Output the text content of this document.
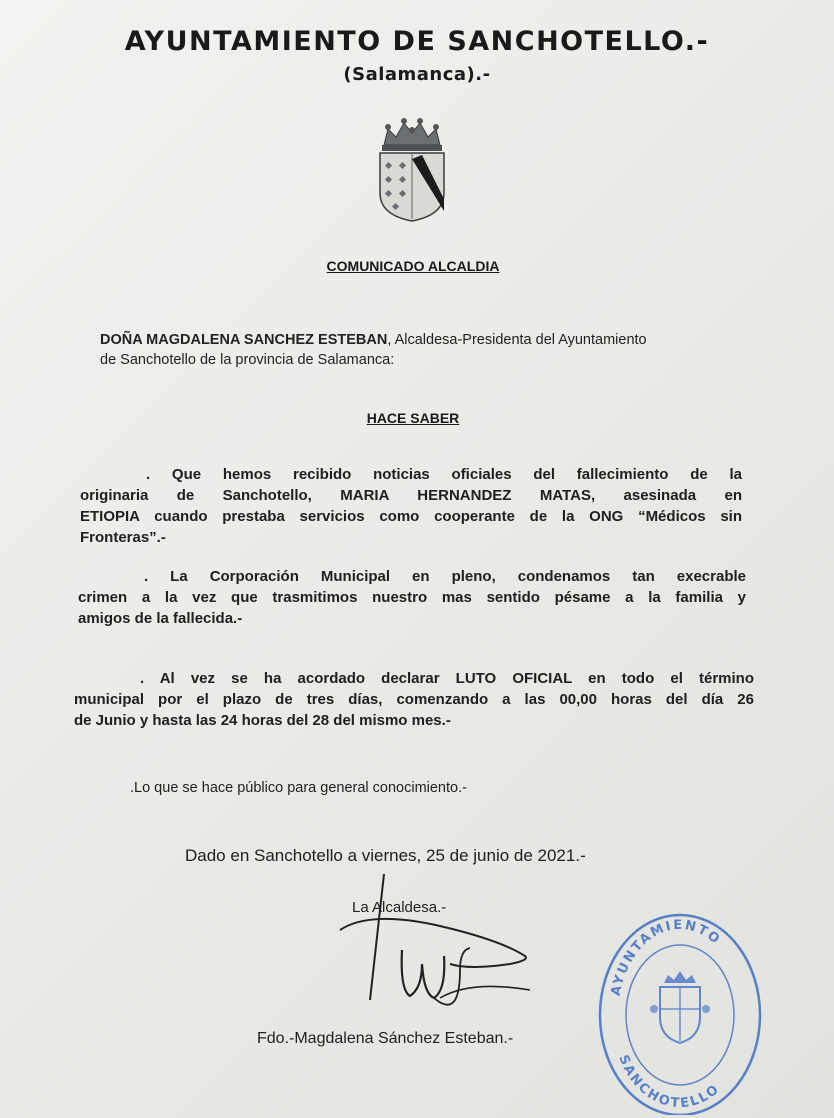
AYUNTAMIENTO DE SANCHOTELLO.-
(Salamanca).-
COMUNICADO ALCALDIA
DOÑA MAGDALENA SANCHEZ ESTEBAN, Alcaldesa-Presidenta del Ayuntamiento
de Sanchotello de la provincia de Salamanca:
HACE SABER
. Que hemos recibido noticias oficiales del fallecimiento de la
originaria de Sanchotello, MARIA HERNANDEZ MATAS, asesinada en
ETIOPIA cuando prestaba servicios como cooperante de la ONG “Médicos sin
Fronteras”.-
. La Corporación Municipal en pleno, condenamos tan execrable
crimen a la vez que trasmitimos nuestro mas sentido pésame a la familia y
amigos de la fallecida.-
. Al vez se ha acordado declarar LUTO OFICIAL en todo el término
municipal por el plazo de tres días, comenzando a las 00,00 horas del día 26
de Junio y hasta las 24 horas del 28 del mismo mes.-
.Lo que se hace público para general conocimiento.-
Dado en Sanchotello a viernes, 25 de junio de 2021.-
La Alcaldesa.-
Fdo.-Magdalena Sánchez Esteban.-
AYUNTAMIENTO
SANCHOTELLO
